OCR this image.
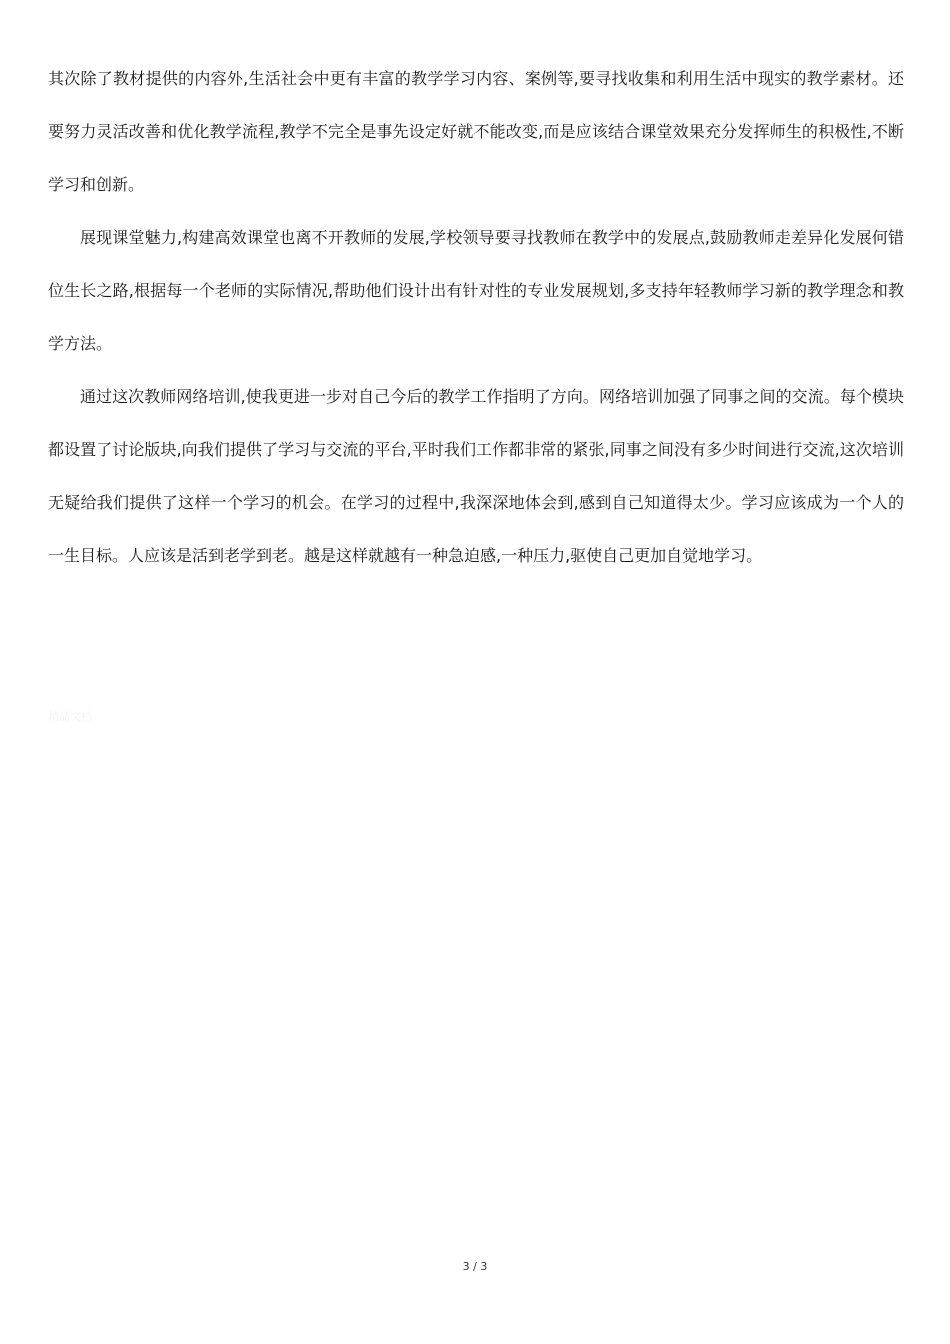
其次除了教材提供的内容外,生活社会中更有丰富的教学学习内容、案例等,要寻找收集和利用生活中现实的教学素材。还要努力灵活改善和优化教学流程,教学不完全是事先设定好就不能改变,而是应该结合课堂效果充分发挥师生的积极性,不断学习和创新。

展现课堂魅力,构建高效课堂也离不开教师的发展,学校领导要寻找教师在教学中的发展点,鼓励教师走差异化发展何错位生长之路,根据每一个老师的实际情况,帮助他们设计出有针对性的专业发展规划,多支持年轻教师学习新的教学理念和教学方法。

通过这次教师网络培训,使我更进一步对自己今后的教学工作指明了方向。网络培训加强了同事之间的交流。每个模块都设置了讨论版块,向我们提供了学习与交流的平台,平时我们工作都非常的紧张,同事之间没有多少时间进行交流,这次培训无疑给我们提供了这样一个学习的机会。在学习的过程中,我深深地体会到,感到自己知道得太少。学习应该成为一个人的一生目标。人应该是活到老学到老。越是这样就越有一种急迫感,一种压力,驱使自己更加自觉地学习。

精品文档
3 / 3
